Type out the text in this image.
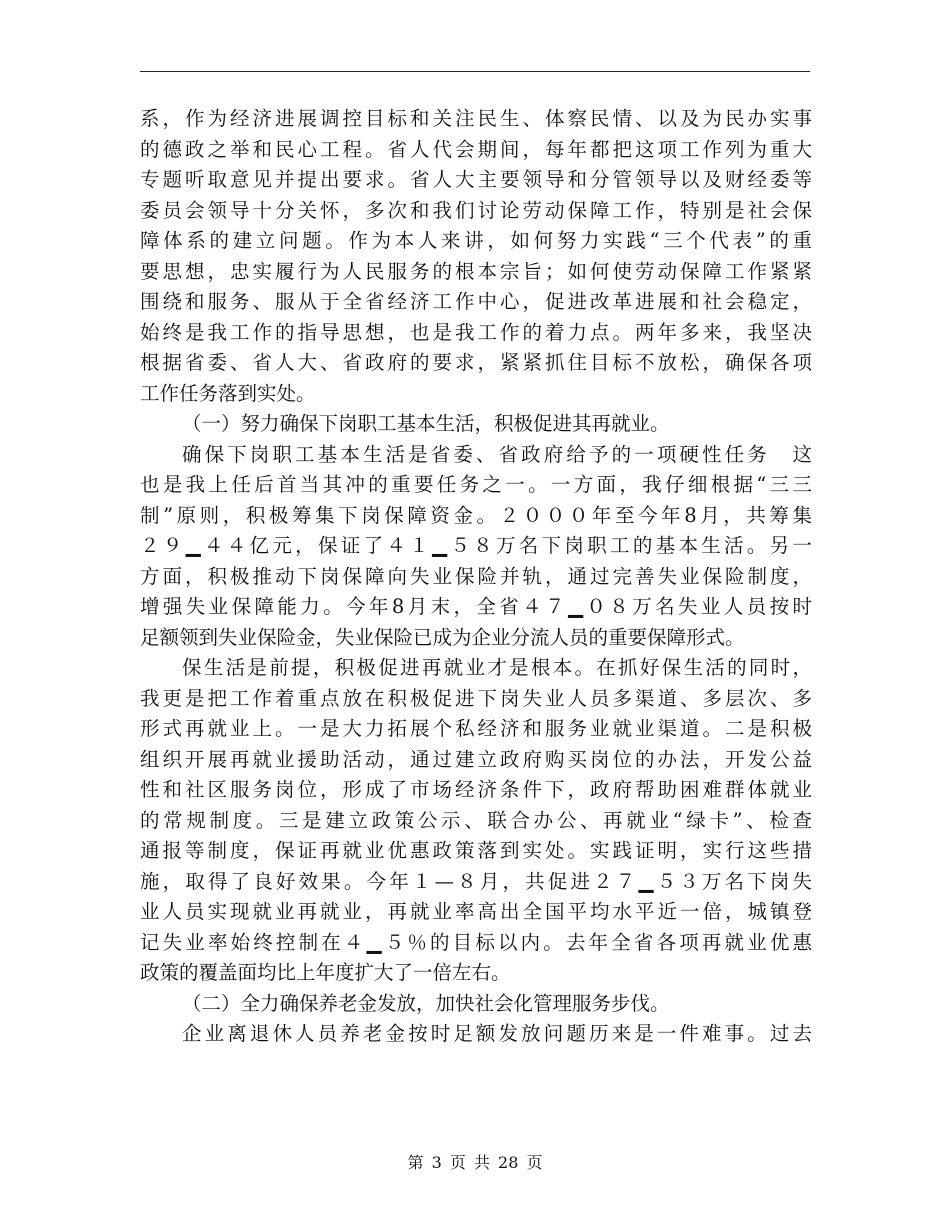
系，作为经济进展调控目标和关注民生、体察民情、以及为民办实事
的德政之举和民心工程。省人代会期间，每年都把这项工作列为重大
专题听取意见并提出要求。省人大主要领导和分管领导以及财经委等
委员会领导十分关怀，多次和我们讨论劳动保障工作，特别是社会保
障体系的建立问题。作为本人来讲，如何努力实践“三个代表”的重
要思想，忠实履行为人民服务的根本宗旨；如何使劳动保障工作紧紧
围绕和服务、服从于全省经济工作中心，促进改革进展和社会稳定，
始终是我工作的指导思想，也是我工作的着力点。两年多来，我坚决
根据省委、省人大、省政府的要求，紧紧抓住目标不放松，确保各项
工作任务落到实处。
（一）努力确保下岗职工基本生活，积极促进其再就业。
确保下岗职工基本生活是省委、省政府给予的一项硬性任务　这
也是我上任后首当其冲的重要任务之一。一方面，我仔细根据“三三
制”原则，积极筹集下岗保障资金。２０００年至今年8月，共筹集
２９▁４４亿元，保证了４１▁５８万名下岗职工的基本生活。另一
方面，积极推动下岗保障向失业保险并轨，通过完善失业保险制度，
增强失业保障能力。今年8月末，全省４７▁０８万名失业人员按时
足额领到失业保险金，失业保险已成为企业分流人员的重要保障形式。
保生活是前提，积极促进再就业才是根本。在抓好保生活的同时，
我更是把工作着重点放在积极促进下岗失业人员多渠道、多层次、多
形式再就业上。一是大力拓展个私经济和服务业就业渠道。二是积极
组织开展再就业援助活动，通过建立政府购买岗位的办法，开发公益
性和社区服务岗位，形成了市场经济条件下，政府帮助困难群体就业
的常规制度。三是建立政策公示、联合办公、再就业“绿卡”、检查
通报等制度，保证再就业优惠政策落到实处。实践证明，实行这些措
施，取得了良好效果。今年１—８月，共促进２７▁５３万名下岗失
业人员实现就业再就业，再就业率高出全国平均水平近一倍，城镇登
记失业率始终控制在４▁５％的目标以内。去年全省各项再就业优惠
政策的覆盖面均比上年度扩大了一倍左右。
（二）全力确保养老金发放，加快社会化管理服务步伐。
企业离退休人员养老金按时足额发放问题历来是一件难事。过去
第 3 页 共 28 页
